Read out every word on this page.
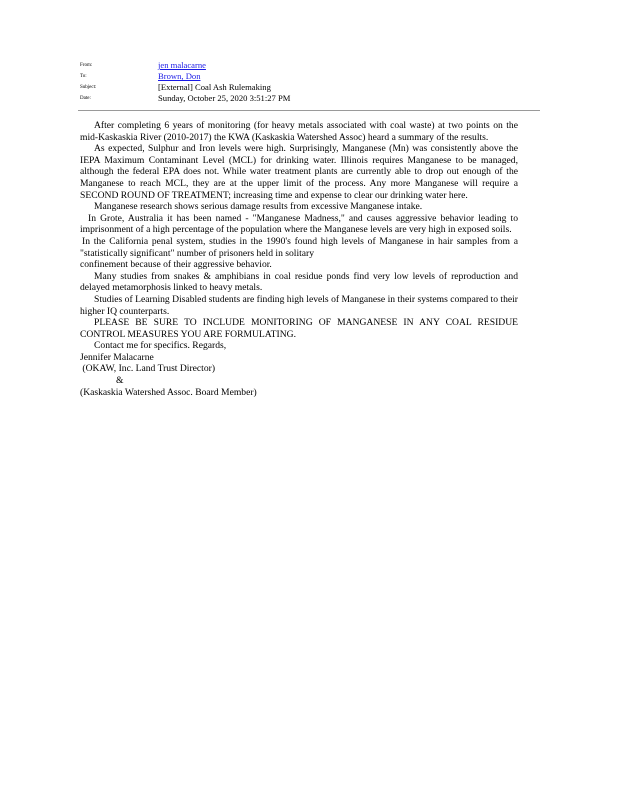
From:	jen malacarne
To:	Brown, Don
Subject:	[External] Coal Ash Rulemaking
Date:	Sunday, October 25, 2020 3:51:27 PM

After completing 6 years of monitoring (for heavy metals associated with coal waste) at two points on the mid-Kaskaskia River (2010-2017) the KWA (Kaskaskia Watershed Assoc) heard a summary of the results.

As expected, Sulphur and Iron levels were high. Surprisingly, Manganese (Mn) was consistently above the IEPA Maximum Contaminant Level (MCL) for drinking water. Illinois requires Manganese to be managed, although the federal EPA does not. While water treatment plants are currently able to drop out enough of the Manganese to reach MCL, they are at the upper limit of the process. Any more Manganese will require a SECOND ROUND OF TREATMENT; increasing time and expense to clear our drinking water here.

Manganese research shows serious damage results from excessive Manganese intake.

In Grote, Australia it has been named - "Manganese Madness," and causes aggressive behavior leading to imprisonment of a high percentage of the population where the Manganese levels are very high in exposed soils.

In the California penal system, studies in the 1990's found high levels of Manganese in hair samples from a "statistically significant" number of prisoners held in solitary

confinement because of their aggressive behavior.

Many studies from snakes & amphibians in coal residue ponds find very low levels of reproduction and delayed metamorphosis linked to heavy metals.

Studies of Learning Disabled students are finding high levels of Manganese in their systems compared to their higher IQ counterparts.

PLEASE BE SURE TO INCLUDE MONITORING OF MANGANESE IN ANY COAL RESIDUE CONTROL MEASURES YOU ARE FORMULATING.

Contact me for specifics. Regards,

Jennifer Malacarne

(OKAW, Inc. Land Trust Director)

&

(Kaskaskia Watershed Assoc. Board Member)
